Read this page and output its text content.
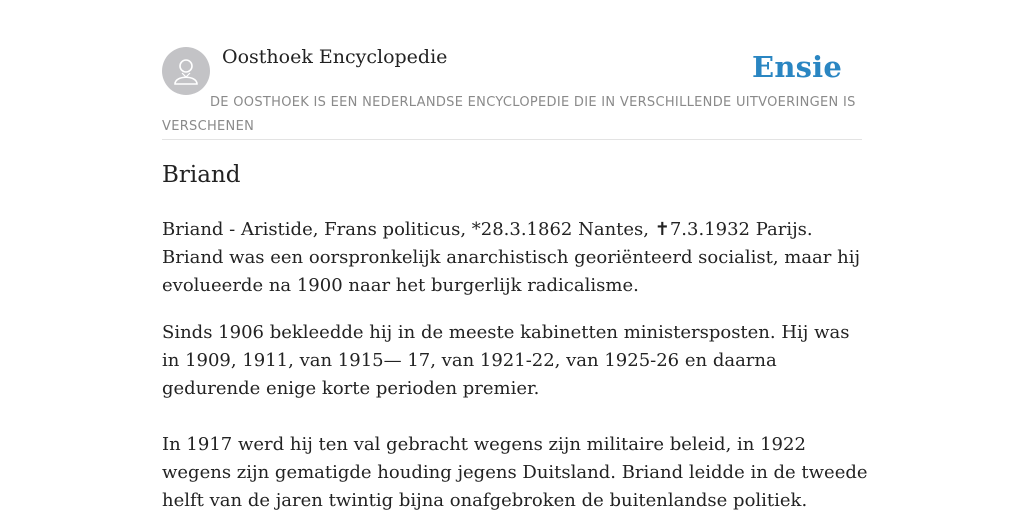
Oosthoek Encyclopedie	Ensie
DE OOSTHOEK IS EEN NEDERLANDSE ENCYCLOPEDIE DIE IN VERSCHILLENDE UITVOERINGEN IS VERSCHENEN
Briand

Briand - Aristide, Frans politicus, *28.3.1862 Nantes, ✝7.3.1932 Parijs. Briand was een oorspronkelijk anarchistisch georiënteerd socialist, maar hij evolueerde na 1900 naar het burgerlijk radicalisme.

Sinds 1906 bekleedde hij in de meeste kabinetten ministersposten. Hij was in 1909, 1911, van 1915— 17, van 1921-22, van 1925-26 en daarna gedurende enige korte perioden premier.

In 1917 werd hij ten val gebracht wegens zijn militaire beleid, in 1922 wegens zijn gematigde houding jegens Duitsland. Briand leidde in de tweede helft van de jaren twintig bijna onafgebroken de buitenlandse politiek.
